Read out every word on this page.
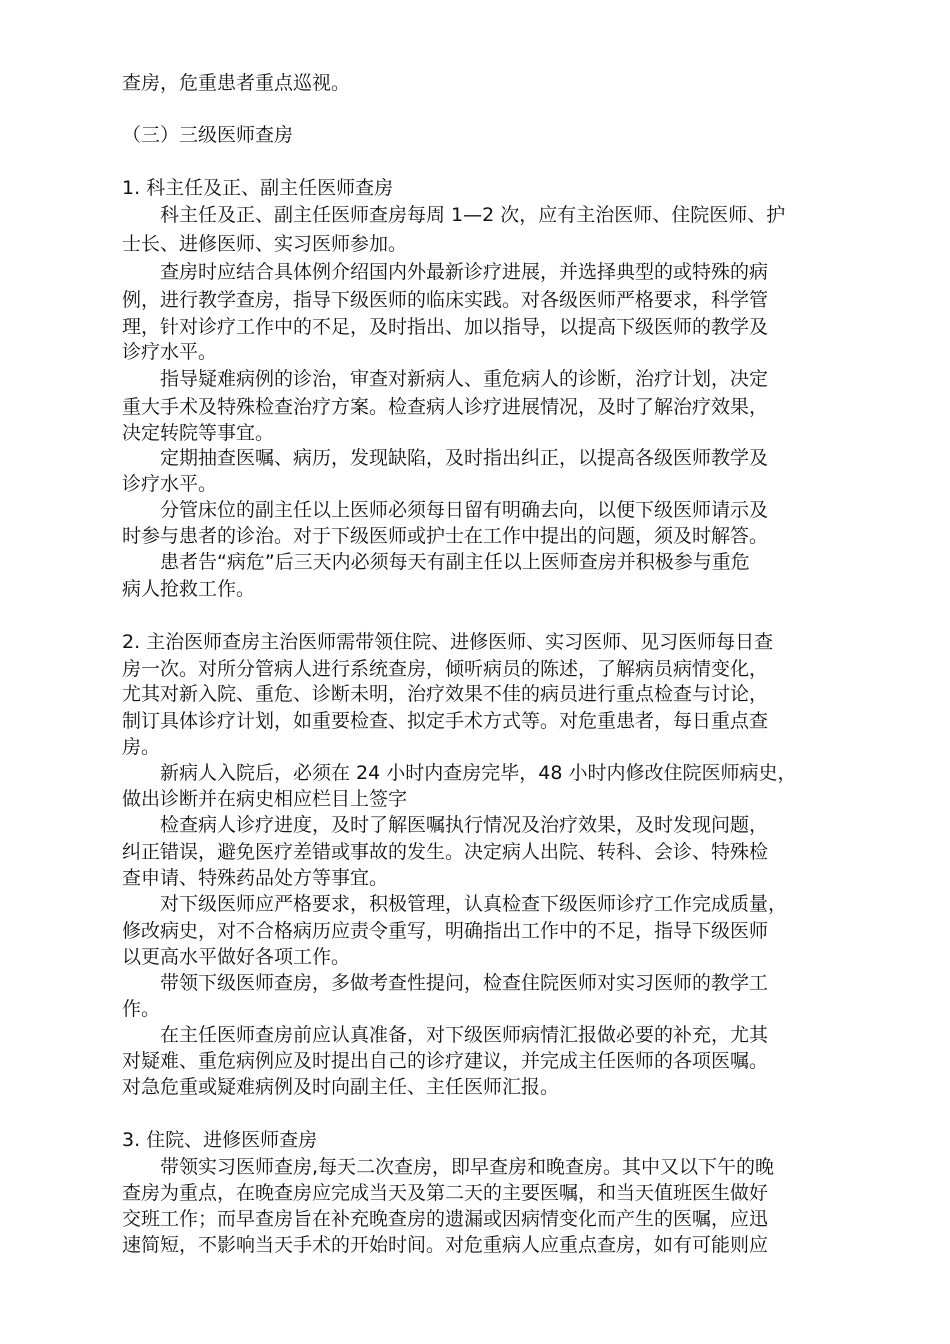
查房，危重患者重点巡视。
（三）三级医师查房
1. 科主任及正、副主任医师查房
科主任及正、副主任医师查房每周 1—2 次，应有主治医师、住院医师、护
士长、进修医师、实习医师参加。
查房时应结合具体例介绍国内外最新诊疗进展，并选择典型的或特殊的病
例，进行教学查房，指导下级医师的临床实践。对各级医师严格要求，科学管
理，针对诊疗工作中的不足，及时指出、加以指导，以提高下级医师的教学及
诊疗水平。
指导疑难病例的诊治，审查对新病人、重危病人的诊断，治疗计划，决定
重大手术及特殊检查治疗方案。检查病人诊疗进展情况，及时了解治疗效果，
决定转院等事宜。
定期抽查医嘱、病历，发现缺陷，及时指出纠正，以提高各级医师教学及
诊疗水平。
分管床位的副主任以上医师必须每日留有明确去向，以便下级医师请示及
时参与患者的诊治。对于下级医师或护士在工作中提出的问题，须及时解答。
患者告“病危”后三天内必须每天有副主任以上医师查房并积极参与重危
病人抢救工作。
2. 主治医师查房主治医师需带领住院、进修医师、实习医师、见习医师每日查
房一次。对所分管病人进行系统查房，倾听病员的陈述，了解病员病情变化，
尤其对新入院、重危、诊断未明，治疗效果不佳的病员进行重点检查与讨论，
制订具体诊疗计划，如重要检查、拟定手术方式等。对危重患者，每日重点查
房。
新病人入院后，必须在 24 小时内查房完毕，48 小时内修改住院医师病史，
做出诊断并在病史相应栏目上签字
检查病人诊疗进度，及时了解医嘱执行情况及治疗效果，及时发现问题，
纠正错误，避免医疗差错或事故的发生。决定病人出院、转科、会诊、特殊检
查申请、特殊药品处方等事宜。
对下级医师应严格要求，积极管理，认真检查下级医师诊疗工作完成质量，
修改病史，对不合格病历应责令重写，明确指出工作中的不足，指导下级医师
以更高水平做好各项工作。
带领下级医师查房，多做考查性提问，检查住院医师对实习医师的教学工
作。
在主任医师查房前应认真准备，对下级医师病情汇报做必要的补充，尤其
对疑难、重危病例应及时提出自己的诊疗建议，并完成主任医师的各项医嘱。
对急危重或疑难病例及时向副主任、主任医师汇报。
3. 住院、进修医师查房
带领实习医师查房,每天二次查房，即早查房和晚查房。其中又以下午的晚
查房为重点，在晚查房应完成当天及第二天的主要医嘱，和当天值班医生做好
交班工作；而早查房旨在补充晚查房的遗漏或因病情变化而产生的医嘱，应迅
速简短，不影响当天手术的开始时间。对危重病人应重点查房，如有可能则应
